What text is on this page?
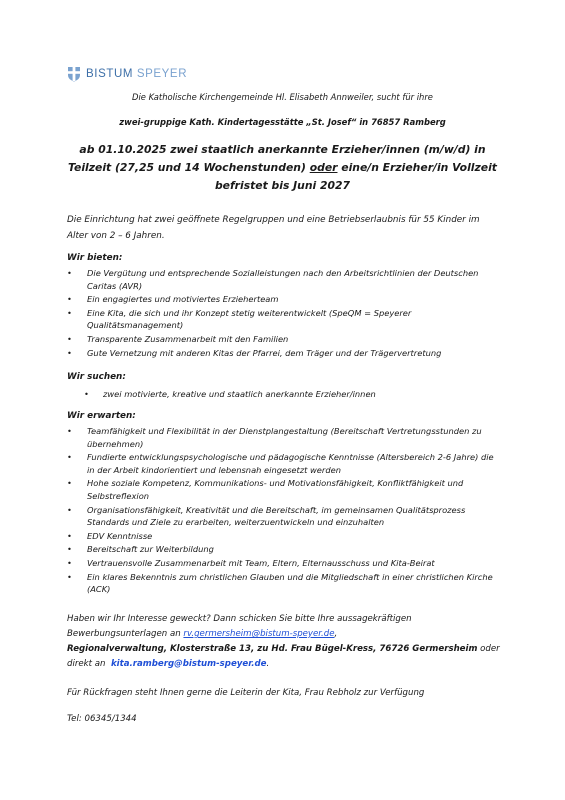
BISTUM SPEYER
Die Katholische Kirchengemeinde Hl. Elisabeth Annweiler, sucht für ihre
zwei-gruppige Kath. Kindertagesstätte „St. Josef“ in 76857 Ramberg
ab 01.10.2025 zwei staatlich anerkannte Erzieher/innen (m/w/d) in Teilzeit (27,25 und 14 Wochenstunden) oder eine/n Erzieher/in Vollzeit befristet bis Juni 2027
Die Einrichtung hat zwei geöffnete Regelgruppen und eine Betriebserlaubnis für 55 Kinder im Alter von 2 – 6 Jahren.
Wir bieten:
• Die Vergütung und entsprechende Sozialleistungen nach den Arbeitsrichtlinien der Deutschen Caritas (AVR)
• Ein engagiertes und motiviertes Erzieherteam
• Eine Kita, die sich und ihr Konzept stetig weiterentwickelt (SpeQM = Speyerer Qualitätsmanagement)
• Transparente Zusammenarbeit mit den Familien
• Gute Vernetzung mit anderen Kitas der Pfarrei, dem Träger und der Trägervertretung
Wir suchen:
• zwei motivierte, kreative und staatlich anerkannte Erzieher/innen
Wir erwarten:
• Teamfähigkeit und Flexibilität in der Dienstplangestaltung (Bereitschaft Vertretungsstunden zu übernehmen)
• Fundierte entwicklungspsychologische und pädagogische Kenntnisse (Altersbereich 2-6 Jahre) die in der Arbeit kindorientiert und lebensnah eingesetzt werden
• Hohe soziale Kompetenz, Kommunikations- und Motivationsfähigkeit, Konfliktfähigkeit und Selbstreflexion
• Organisationsfähigkeit, Kreativität und die Bereitschaft, im gemeinsamen Qualitätsprozess Standards und Ziele zu erarbeiten, weiterzuentwickeln und einzuhalten
• EDV Kenntnisse
• Bereitschaft zur Weiterbildung
• Vertrauensvolle Zusammenarbeit mit Team, Eltern, Elternausschuss und Kita-Beirat
• Ein klares Bekenntnis zum christlichen Glauben und die Mitgliedschaft in einer christlichen Kirche (ACK)
Haben wir Ihr Interesse geweckt? Dann schicken Sie bitte Ihre aussagekräftigen Bewerbungsunterlagen an rv.germersheim@bistum-speyer.de,
Regionalverwaltung, Klosterstraße 13, zu Hd. Frau Bügel-Kress, 76726 Germersheim oder direkt an kita.ramberg@bistum-speyer.de.
Für Rückfragen steht Ihnen gerne die Leiterin der Kita, Frau Rebholz zur Verfügung
Tel: 06345/1344
